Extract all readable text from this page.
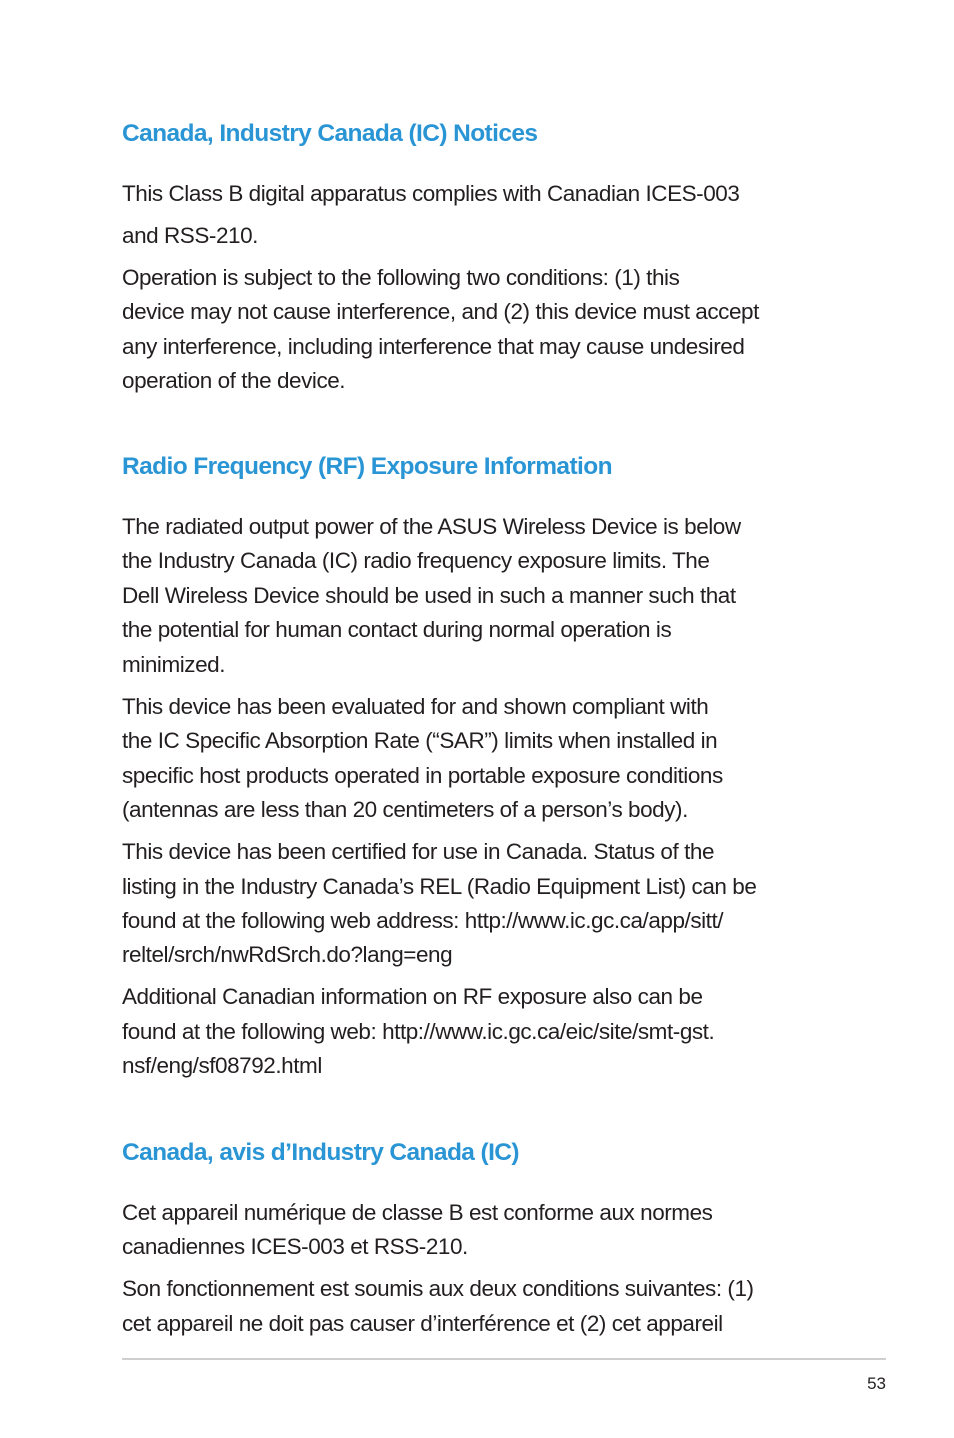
Canada, Industry Canada (IC) Notices

This Class B digital apparatus complies with Canadian ICES-003

and RSS-210.

Operation is subject to the following two conditions: (1) this

device may not cause interference, and (2) this device must accept

any interference, including interference that may cause undesired

operation of the device.

Radio Frequency (RF) Exposure Information

The radiated output power of the ASUS Wireless Device is below

the Industry Canada (IC) radio frequency exposure limits. The

Dell Wireless Device should be used in such a manner such that

the potential for human contact during normal operation is

minimized.

This device has been evaluated for and shown compliant with

the IC Specific Absorption Rate (“SAR”) limits when installed in

specific host products operated in portable exposure conditions

(antennas are less than 20 centimeters of a person’s body).

This device has been certified for use in Canada. Status of the

listing in the Industry Canada’s REL (Radio Equipment List) can be

found at the following web address: http://www.ic.gc.ca/app/sitt/

reltel/srch/nwRdSrch.do?lang=eng

Additional Canadian information on RF exposure also can be

found at the following web: http://www.ic.gc.ca/eic/site/smt-gst.

nsf/eng/sf08792.html

Canada, avis d’Industry Canada (IC)

Cet appareil numérique de classe B est conforme aux normes

canadiennes ICES-003 et RSS-210.

Son fonctionnement est soumis aux deux conditions suivantes: (1)

cet appareil ne doit pas causer d’interférence et (2) cet appareil

53
